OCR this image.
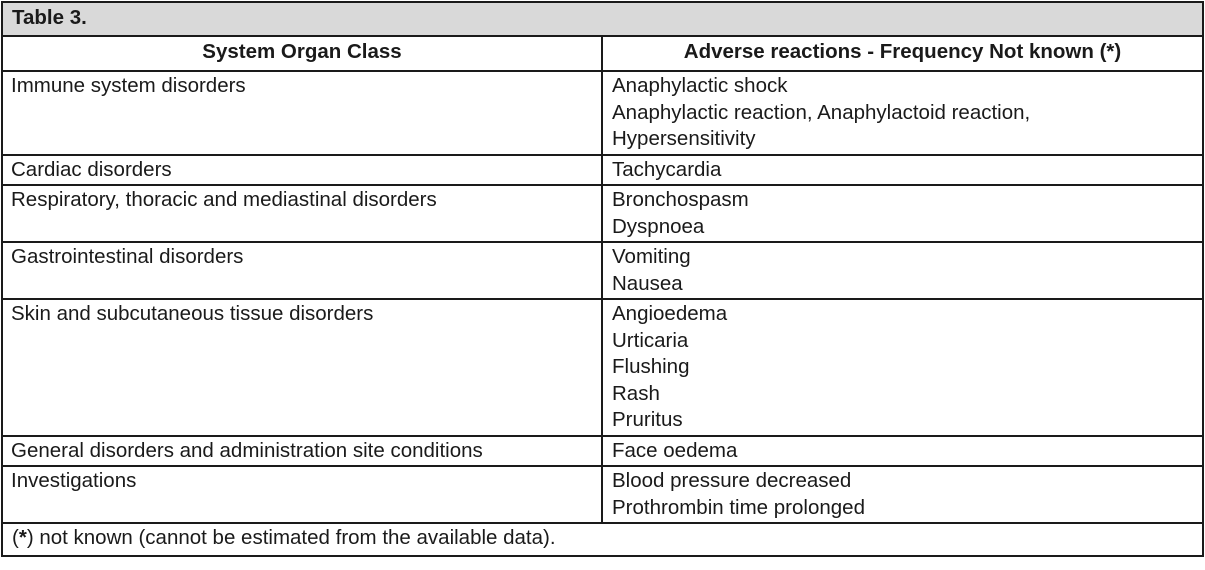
Table 3.	
System Organ Class	Adverse reactions - Frequency Not known (*)
Immune system disorders	Anaphylactic shock
Anaphylactic reaction, Anaphylactoid reaction,
Hypersensitivity

Cardiac disorders	Tachycardia

Respiratory, thoracic and mediastinal disorders	Bronchospasm
Dyspnoea

Gastrointestinal disorders	Vomiting
Nausea

Skin and subcutaneous tissue disorders	Angioedema
Urticaria
Flushing
Rash
Pruritus

General disorders and administration site conditions	Face oedema

Investigations	Blood pressure decreased
Prothrombin time prolonged

(*) not known (cannot be estimated from the available data).	
